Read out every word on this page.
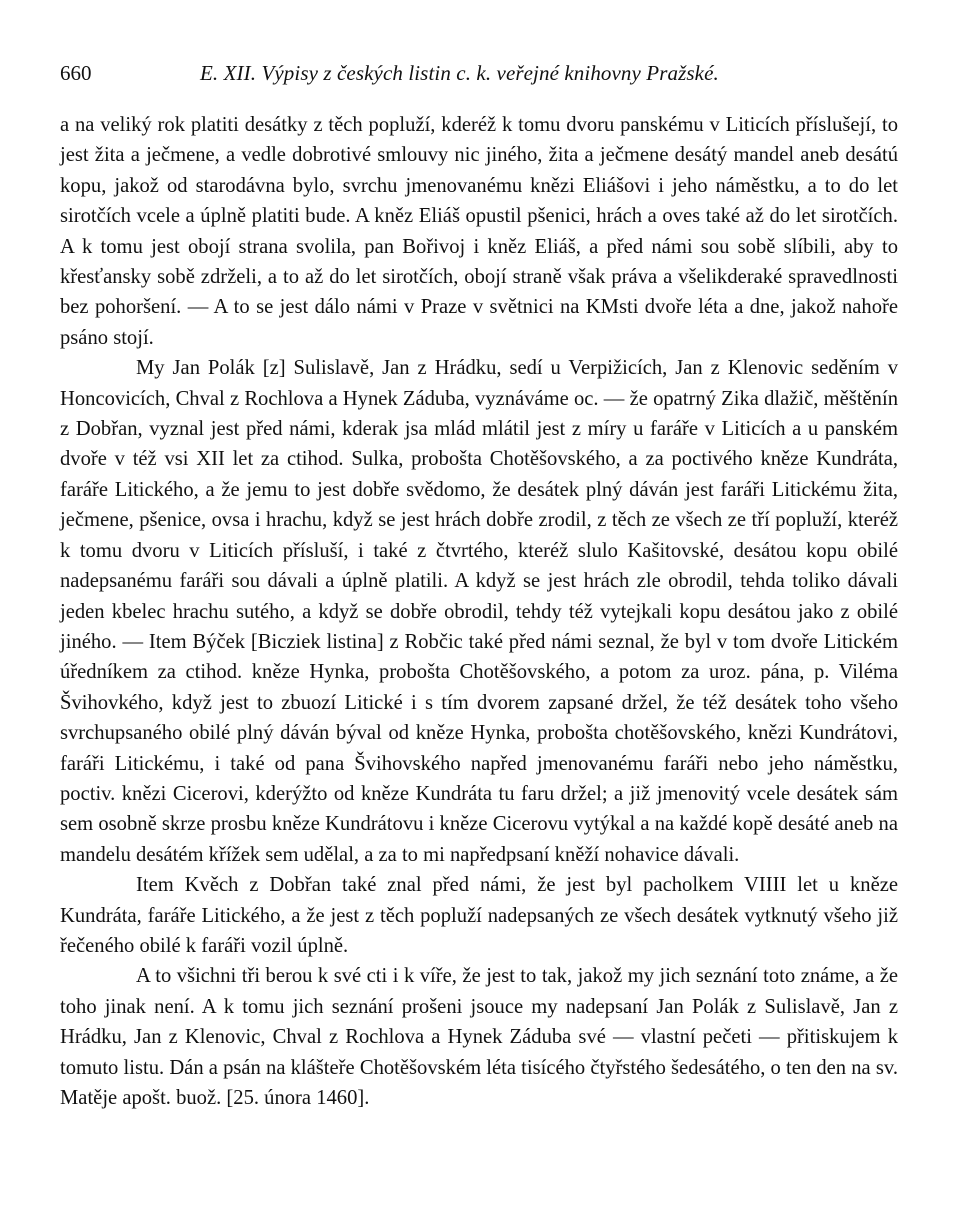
660	E. XII. Výpisy z českých listin c. k. veřejné knihovny Pražské.

a na veliký rok platiti desátky z těch popluží, kderéž k tomu dvoru panskému v Liticích příslušejí, to jest žita a ječmene, a vedle dobrotivé smlouvy nic jiného, žita a ječmene desátý mandel aneb desátú kopu, jakož od starodávna bylo, svrchu jmenovanému knězi Eliášovi i jeho náměstku, a to do let sirotčích vcele a úplně platiti bude. A kněz Eliáš opustil pšenici, hrách a oves také až do let sirotčích. A k tomu jest obojí strana svolila, pan Bořivoj i kněz Eliáš, a před námi sou sobě slíbili, aby to křesťansky sobě zdrželi, a to až do let sirotčích, obojí straně však práva a všelikderaké spravedlnosti bez pohoršení. — A to se jest dálo námi v Praze v světnici na KMsti dvoře léta a dne, jakož nahoře psáno stojí.

My Jan Polák [z] Sulislavě, Jan z Hrádku, sedí u Verpižicích, Jan z Klenovic seděním v Honcovicích, Chval z Rochlova a Hynek Záduba, vyznáváme oc. — že opatrný Zika dlažič, měštěnín z Dobřan, vyznal jest před námi, kderak jsa mlád mlátil jest z míry u faráře v Liticích a u panském dvoře v též vsi XII let za ctihod. Sulka, probošta Chotěšovského, a za poctivého kněze Kundráta, faráře Litického, a že jemu to jest dobře svědomo, že desátek plný dáván jest faráři Litickému žita, ječmene, pšenice, ovsa i hrachu, když se jest hrách dobře zrodil, z těch ze všech ze tří popluží, kteréž k tomu dvoru v Liticích přísluší, i také z čtvrtého, kteréž slulo Kašitovské, desátou kopu obilé nadepsanému faráři sou dávali a úplně platili. A když se jest hrách zle obrodil, tehda toliko dávali jeden kbelec hrachu sutého, a když se dobře obrodil, tehdy též vytejkali kopu desátou jako z obilé jiného. — Item Býček [Bicziek listina] z Robčic také před námi seznal, že byl v tom dvoře Litickém úředníkem za ctihod. kněze Hynka, probošta Chotěšovského, a potom za uroz. pána, p. Viléma Švihovkého, když jest to zbuozí Litické i s tím dvorem zapsané držel, že též desátek toho všeho svrchupsaného obilé plný dáván býval od kněze Hynka, probošta chotěšovského, knězi Kundrátovi, faráři Litickému, i také od pana Švihovského napřed jmenovanému faráři nebo jeho náměstku, poctiv. knězi Cicerovi, kderýžto od kněze Kundráta tu faru držel; a již jmenovitý vcele desátek sám sem osobně skrze prosbu kněze Kundrátovu i kněze Cicerovu vytýkal a na každé kopě desáté aneb na mandelu desátém křížek sem udělal, a za to mi napředpsaní kněží nohavice dávali.

Item Kvěch z Dobřan také znal před námi, že jest byl pacholkem VIIII let u kněze Kundráta, faráře Litického, a že jest z těch popluží nadepsaných ze všech desátek vytknutý všeho již řečeného obilé k faráři vozil úplně.

A to všichni tři berou k své cti i k víře, že jest to tak, jakož my jich seznání toto známe, a že toho jinak není. A k tomu jich seznání prošeni jsouce my nadepsaní Jan Polák z Sulislavě, Jan z Hrádku, Jan z Klenovic, Chval z Rochlova a Hynek Záduba své — vlastní pečeti — přitiskujem k tomuto listu. Dán a psán na klášteře Chotěšovském léta tisícého čtyřstého šedesátého, o ten den na sv. Matěje apošt. buož. [25. února 1460].
